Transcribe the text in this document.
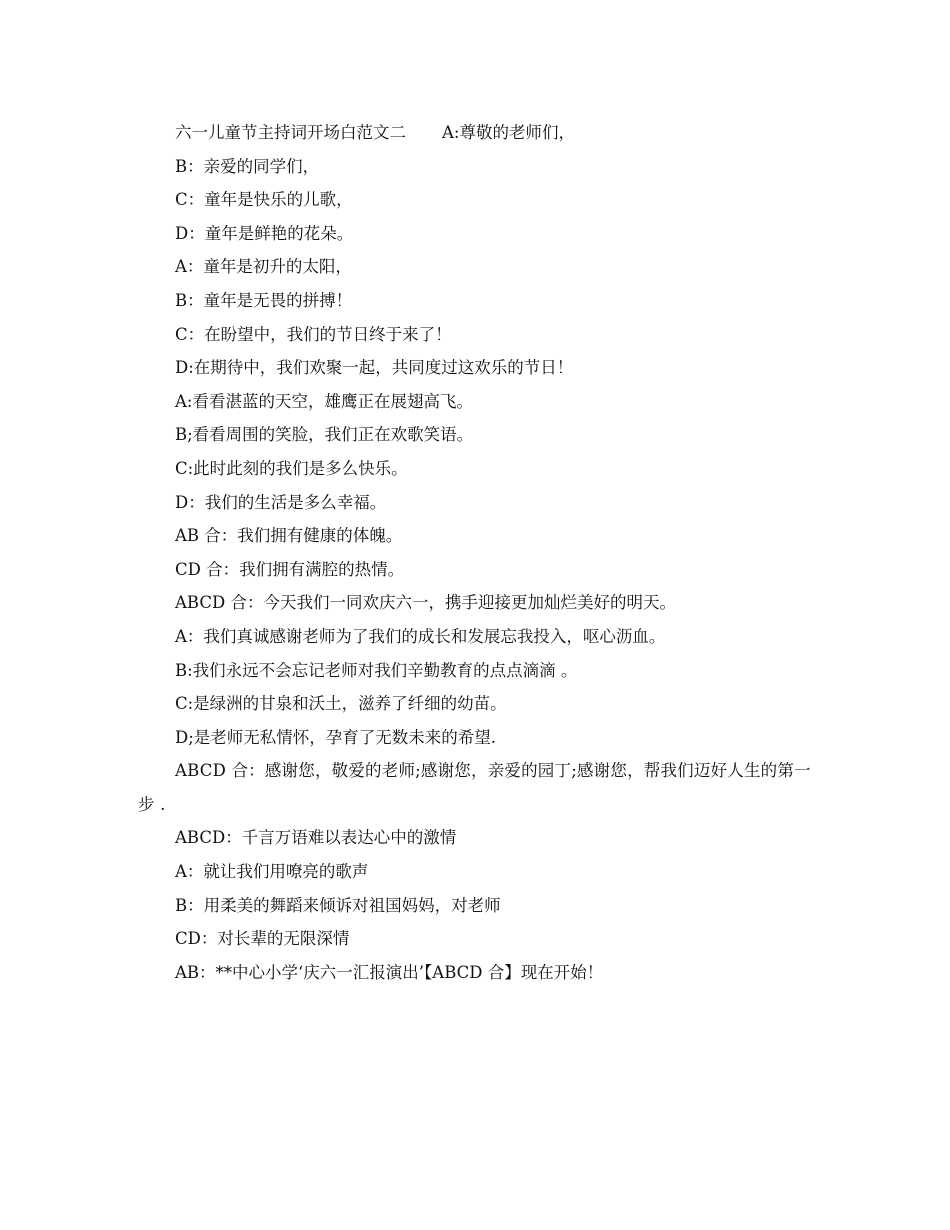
六一儿童节主持词开场白范文二 A:尊敬的老师们，
B：亲爱的同学们，
C：童年是快乐的儿歌，
D：童年是鲜艳的花朵。
A：童年是初升的太阳，
B：童年是无畏的拼搏！
C：在盼望中，我们的节日终于来了！
D:在期待中，我们欢聚一起，共同度过这欢乐的节日！
A:看看湛蓝的天空，雄鹰正在展翅高飞。
B;看看周围的笑脸，我们正在欢歌笑语。
C:此时此刻的我们是多么快乐。
D：我们的生活是多么幸福。
AB 合：我们拥有健康的体魄。
CD 合：我们拥有满腔的热情。
ABCD 合：今天我们一同欢庆六一，携手迎接更加灿烂美好的明天。
A：我们真诚感谢老师为了我们的成长和发展忘我投入，呕心沥血。
B:我们永远不会忘记老师对我们辛勤教育的点点滴滴 。
C:是绿洲的甘泉和沃土，滋养了纤细的幼苗。
D;是老师无私情怀，孕育了无数未来的希望.
ABCD 合：感谢您，敬爱的老师;感谢您，亲爱的园丁;感谢您，帮我们迈好人生的第一步 .
ABCD：千言万语难以表达心中的激情
A：就让我们用嘹亮的歌声
B：用柔美的舞蹈来倾诉对祖国妈妈，对老师
CD：对长辈的无限深情
AB：**中心小学‘庆六一汇报演出’【ABCD 合】现在开始！
